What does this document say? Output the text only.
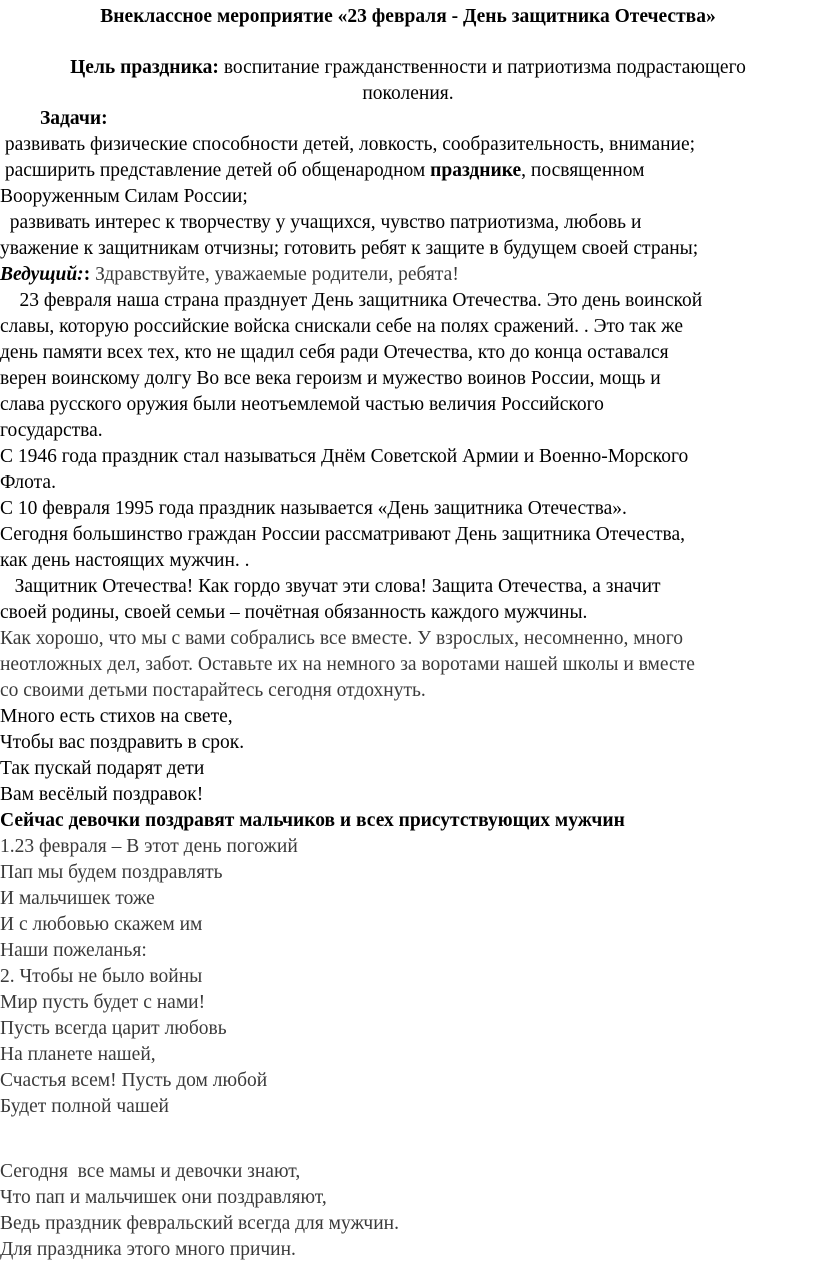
Внеклассное мероприятие «23 февраля - День защитника Отечества»
Цель праздника: воспитание гражданственности и патриотизма подрастающего
поколения.
Задачи:
развивать физические способности детей, ловкость, сообразительность, внимание;
расширить представление детей об общенародном празднике, посвященном
Вооруженным Силам России;
развивать интерес к творчеству у учащихся, чувство патриотизма, любовь и
уважение к защитникам отчизны; готовить ребят к защите в будущем своей страны;
Ведущий:: Здравствуйте, уважаемые родители, ребята!
23 февраля наша страна празднует День защитника Отечества. Это день воинской
славы, которую российские войска снискали себе на полях сражений. . Это так же
день памяти всех тех, кто не щадил себя ради Отечества, кто до конца оставался
верен воинскому долгу Во все века героизм и мужество воинов России, мощь и
слава русского оружия были неотъемлемой частью величия Российского
государства.
С 1946 года праздник стал называться Днём Советской Армии и Военно-Морского
Флота.
С 10 февраля 1995 года праздник называется «День защитника Отечества».
Сегодня большинство граждан России рассматривают День защитника Отечества,
как день настоящих мужчин. .
Защитник Отечества! Как гордо звучат эти слова! Защита Отечества, а значит
своей родины, своей семьи – почётная обязанность каждого мужчины.
Как хорошо, что мы с вами собрались все вместе. У взрослых, несомненно, много
неотложных дел, забот. Оставьте их на немного за воротами нашей школы и вместе
со своими детьми постарайтесь сегодня отдохнуть.
Много есть стихов на свете,
Чтобы вас поздравить в срок.
Так пускай подарят дети
Вам весёлый поздравок!
Сейчас девочки поздравят мальчиков и всех присутствующих мужчин
1.23 февраля – В этот день погожий
Пап мы будем поздравлять
И мальчишек тоже
И с любовью скажем им
Наши пожеланья:
2. Чтобы не было войны
Мир пусть будет с нами!
Пусть всегда царит любовь
На планете нашей,
Счастья всем! Пусть дом любой
Будет полной чашей
Сегодня  все мамы и девочки знают,
Что пап и мальчишек они поздравляют,
Ведь праздник февральский всегда для мужчин.
Для праздника этого много причин.
